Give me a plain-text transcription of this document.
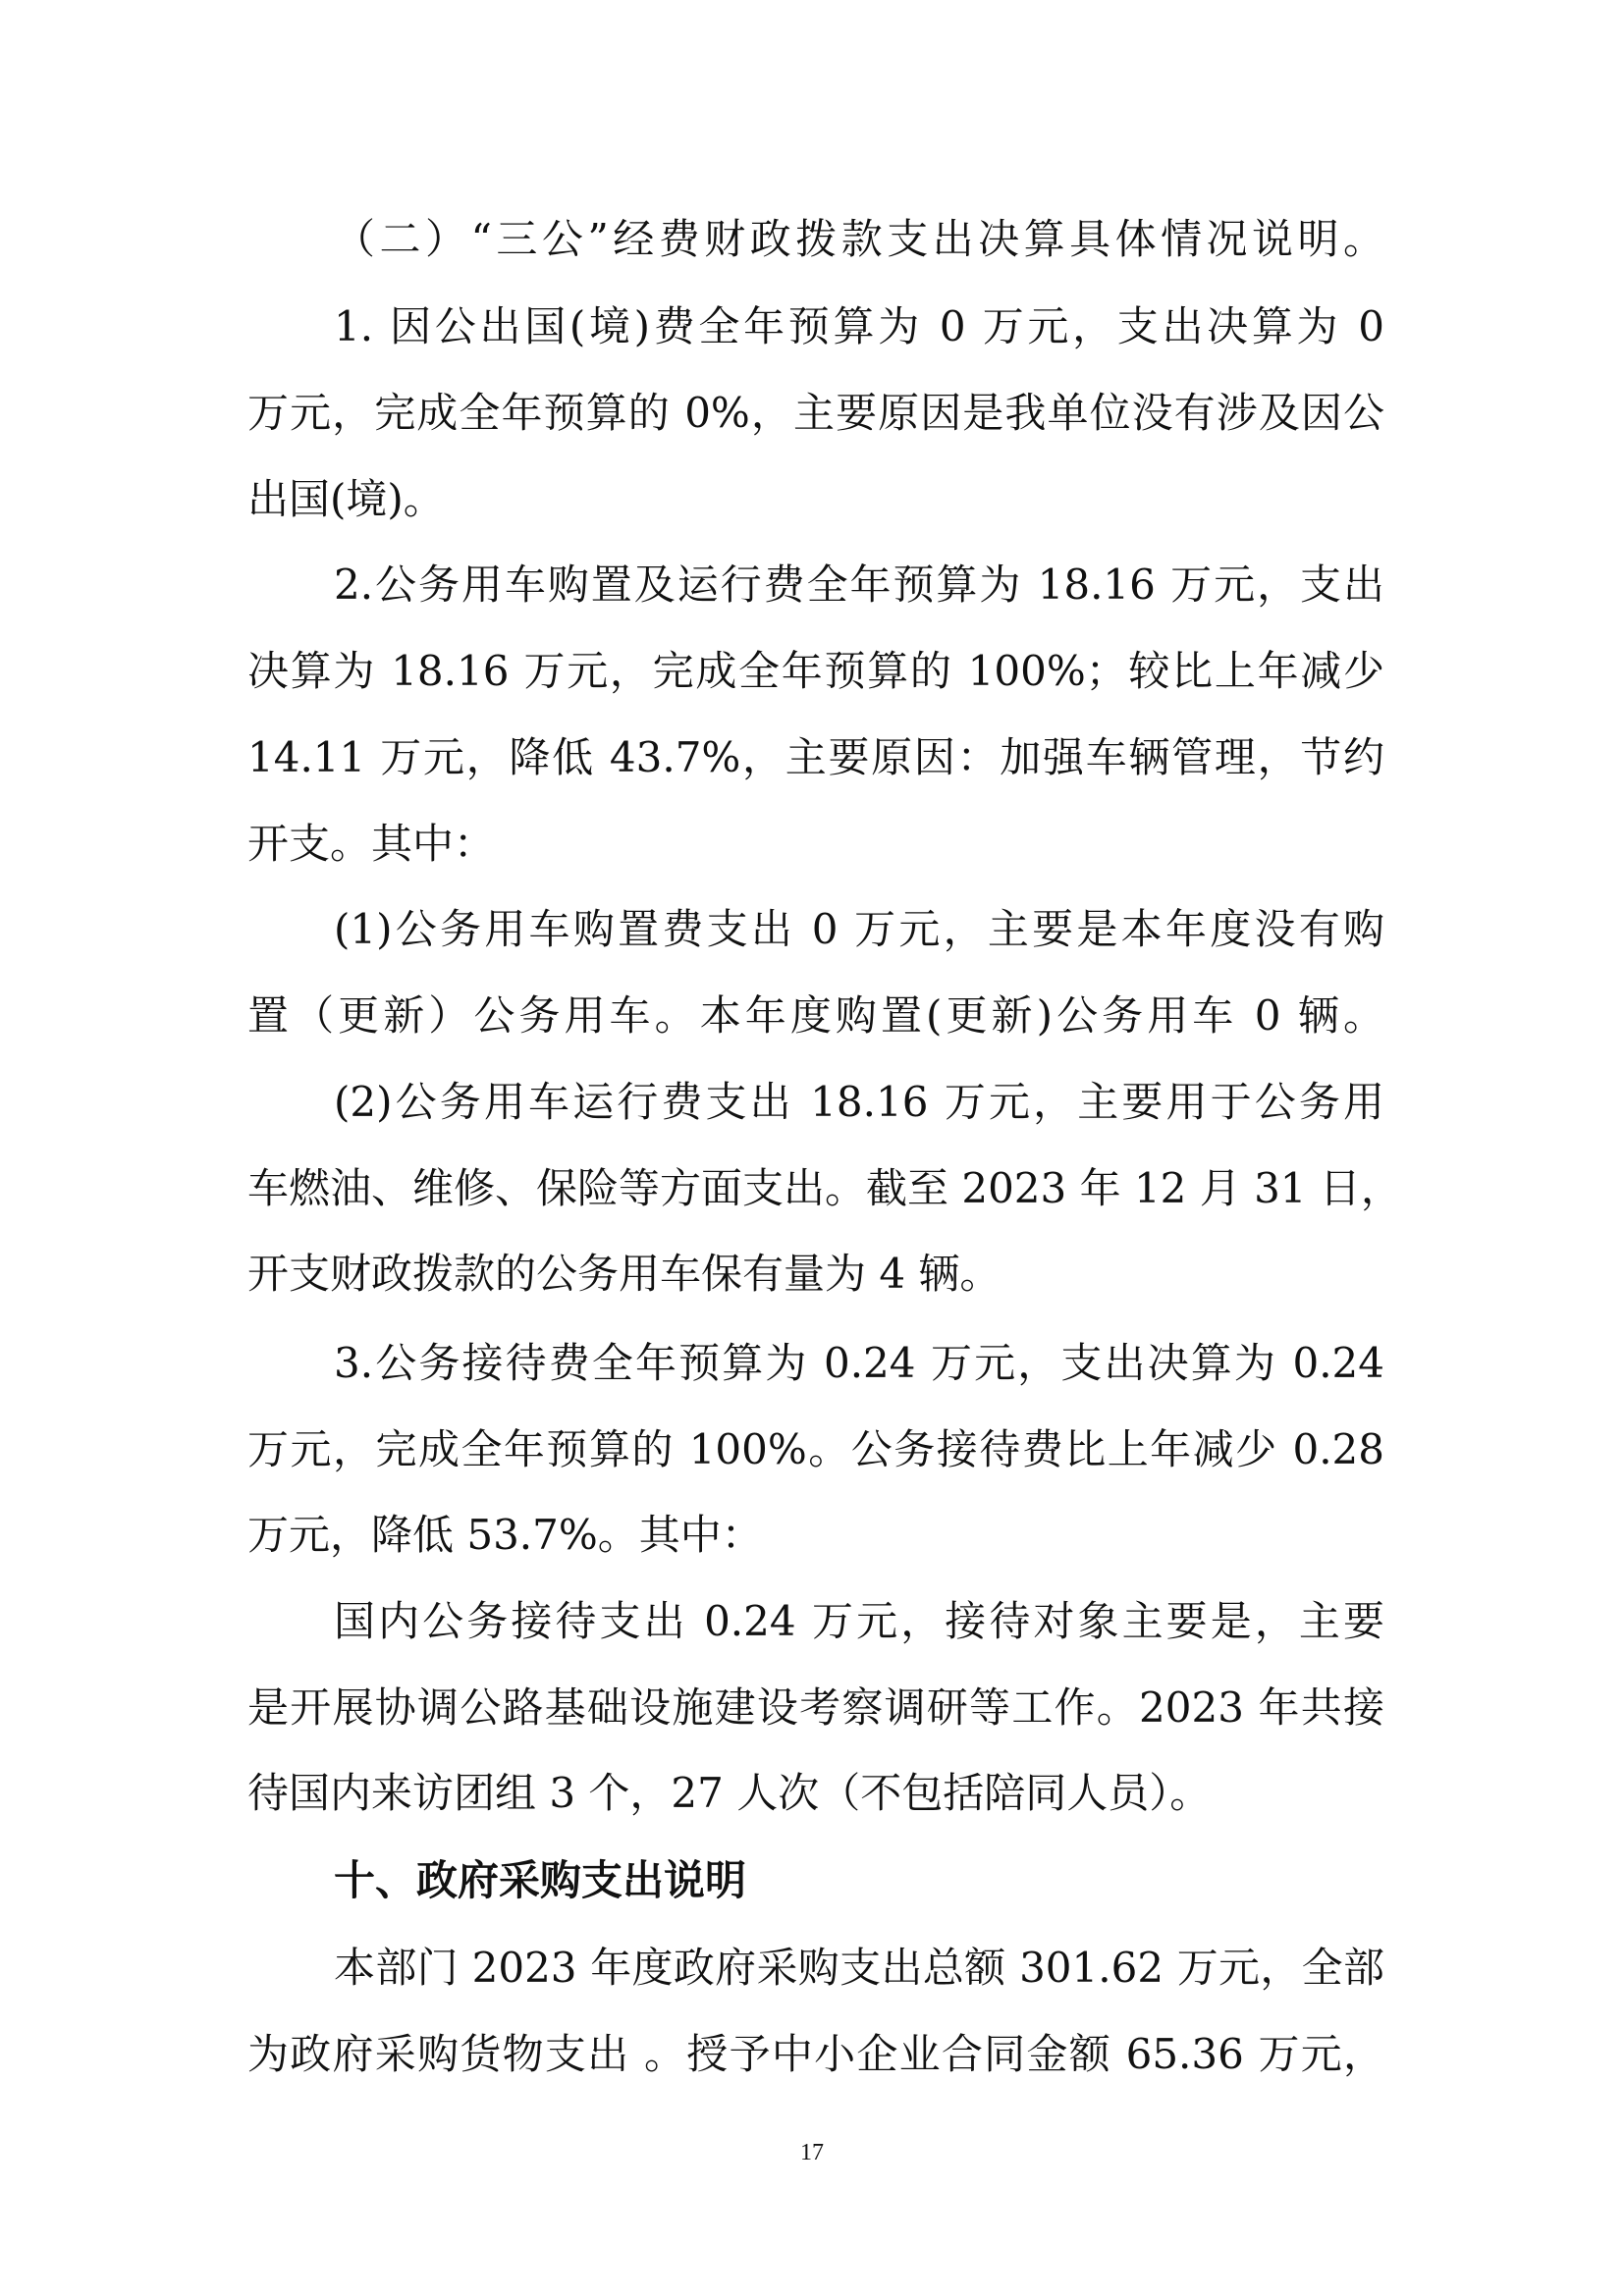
（二）“三公”经费财政拨款支出决算具体情况说明。
1. 因公出国(境)费全年预算为 0 万元，支出决算为 0
万元，完成全年预算的 0%，主要原因是我单位没有涉及因公
出国(境)。
2.公务用车购置及运行费全年预算为 18.16 万元，支出
决算为 18.16 万元，完成全年预算的 100%；较比上年减少
14.11 万元，降低 43.7%，主要原因：加强车辆管理，节约
开支。其中：
(1)公务用车购置费支出 0 万元，主要是本年度没有购
置（更新）公务用车。本年度购置(更新)公务用车 0 辆。
(2)公务用车运行费支出 18.16 万元，主要用于公务用
车燃油、维修、保险等方面支出。截至 2023 年 12 月 31 日，
开支财政拨款的公务用车保有量为 4 辆。
3.公务接待费全年预算为 0.24 万元，支出决算为 0.24
万元，完成全年预算的 100%。公务接待费比上年减少 0.28
万元，降低 53.7%。其中：
国内公务接待支出 0.24 万元，接待对象主要是，主要
是开展协调公路基础设施建设考察调研等工作。2023 年共接
待国内来访团组 3 个，27 人次（不包括陪同人员）。
十、政府采购支出说明
本部门 2023 年度政府采购支出总额 301.62 万元，全部
为政府采购货物支出 。授予中小企业合同金额 65.36 万元，
17
